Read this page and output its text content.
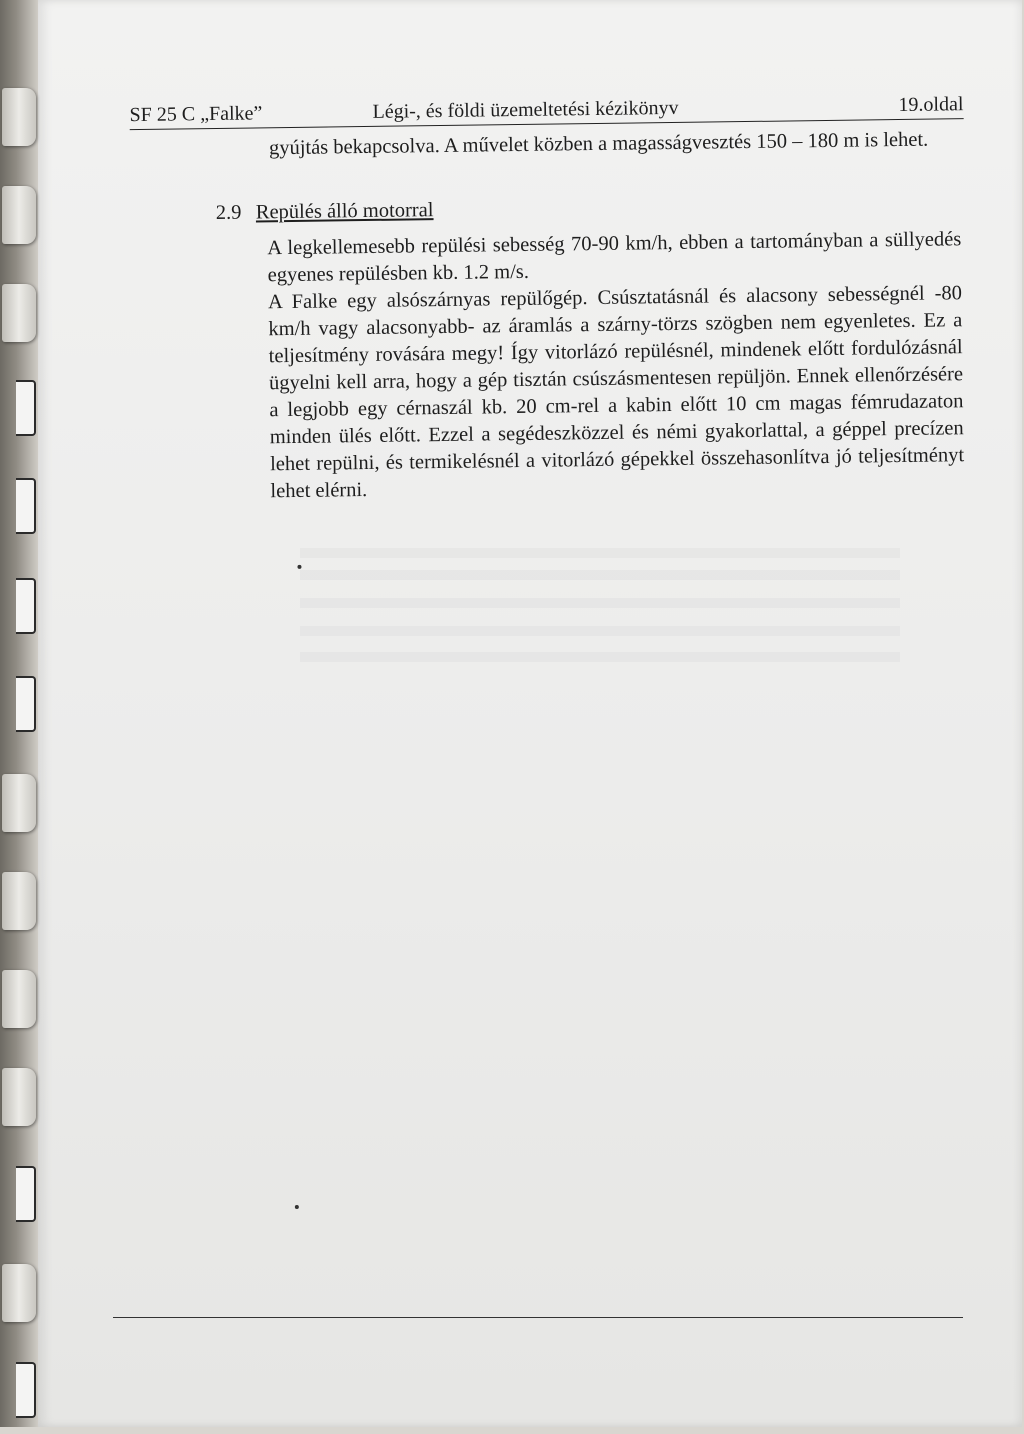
SF 25 C „Falke”	Légi-, és földi üzemeltetési kézikönyv	19.oldal

gyújtás bekapcsolva. A művelet közben a magasságvesztés 150 – 180 m is lehet.

2.9 Repülés álló motorral

A legkellemesebb repülési sebesség 70-90 km/h, ebben a tartományban a süllyedés egyenes repülésben kb. 1.2 m/s.

A Falke egy alsószárnyas repülőgép. Csúsztatásnál és alacsony sebességnél -80 km/h vagy alacsonyabb- az áramlás a szárny-törzs szögben nem egyenletes. Ez a teljesítmény rovására megy! Így vitorlázó repülésnél, mindenek előtt fordulózásnál ügyelni kell arra, hogy a gép tisztán csúszásmentesen repüljön. Ennek ellenőrzésére a legjobb egy cérnaszál kb. 20 cm-rel a kabin előtt 10 cm magas fémrudazaton minden ülés előtt. Ezzel a segédeszközzel és némi gyakorlattal, a géppel precízen lehet repülni, és termikelésnél a vitorlázó gépekkel összehasonlítva jó teljesítményt lehet elérni.
